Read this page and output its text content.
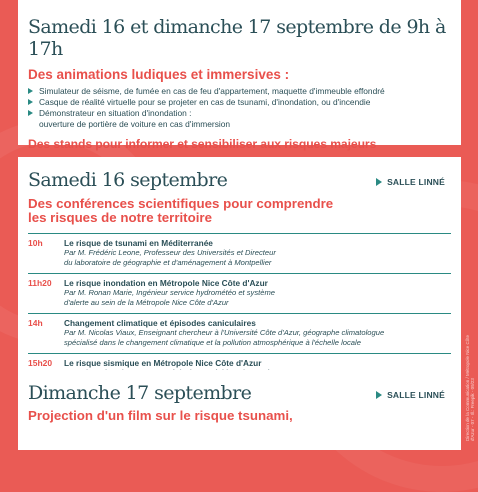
Samedi 16 et dimanche 17 septembre de 9h à 17h
Des animations ludiques et immersives :
Simulateur de séisme, de fumée en cas de feu d'appartement, maquette d'immeuble effondré
Casque de réalité virtuelle pour se projeter en cas de tsunami, d'inondation, ou d'incendie
Démonstrateur en situation d'inondation :
ouverture de portière de voiture en cas d'immersion
Des stands pour informer et sensibiliser aux risques majeurs
Samedi 16 septembre	SALLE LINNÉ
Des conférences scientifiques pour comprendre
les risques de notre territoire
10h	Le risque de tsunami en Méditerranée
Par M. Frédéric Leone, Professeur des Universités et Directeur
du laboratoire de géographie et d'aménagement à Montpellier
11h20	Le risque inondation en Métropole Nice Côte d'Azur
Par M. Ronan Marie, Ingénieur service hydrométéo et système
d'alerte au sein de la Métropole Nice Côte d'Azur
14h	Changement climatique et épisodes caniculaires
Par M. Nicolas Viaux, Enseignant chercheur à l'Université Côte d'Azur, géographe climatologue
spécialisé dans le changement climatique et la pollution atmosphérique à l'échelle locale
15h20	Le risque sismique en Métropole Nice Côte d'Azur
Dimanche 17 septembre	SALLE LINNÉ
Projection d'un film sur le risque tsunami,	Direction de la Communication / Métropole Nice Côte d'Azur - 07 - Ill.: Freepik - 09/23
